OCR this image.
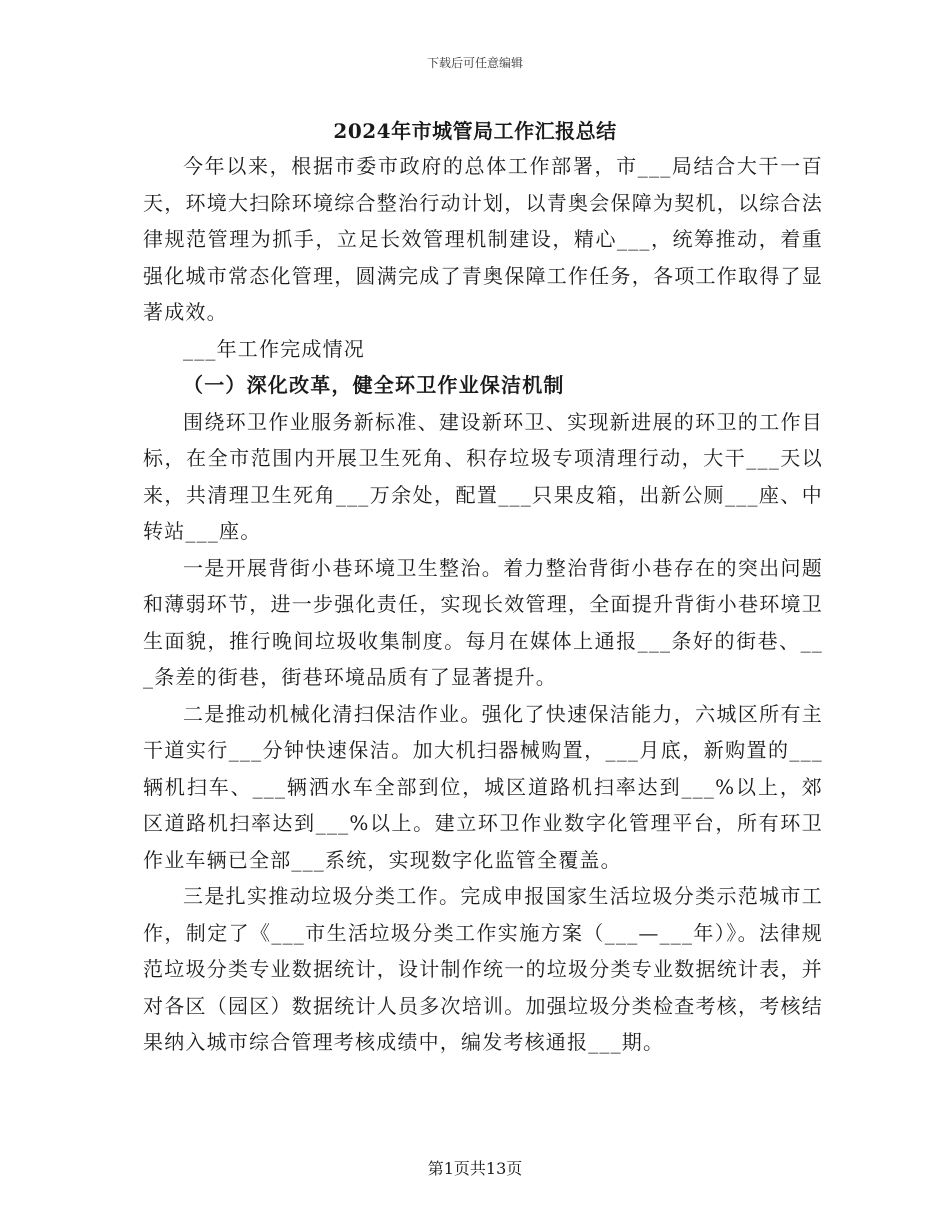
下载后可任意编辑
2024年市城管局工作汇报总结

今年以来，根据市委市政府的总体工作部署，市___局结合大干一百天，环境大扫除环境综合整治行动计划，以青奥会保障为契机，以综合法律规范管理为抓手，立足长效管理机制建设，精心___，统筹推动，着重强化城市常态化管理，圆满完成了青奥保障工作任务，各项工作取得了显著成效。

___年工作完成情况

（一）深化改革，健全环卫作业保洁机制

围绕环卫作业服务新标准、建设新环卫、实现新进展的环卫的工作目标，在全市范围内开展卫生死角、积存垃圾专项清理行动，大干___天以来，共清理卫生死角___万余处，配置___只果皮箱，出新公厕___座、中转站___座。

一是开展背街小巷环境卫生整治。着力整治背街小巷存在的突出问题和薄弱环节，进一步强化责任，实现长效管理，全面提升背街小巷环境卫生面貌，推行晚间垃圾收集制度。每月在媒体上通报___条好的街巷、___条差的街巷，街巷环境品质有了显著提升。

二是推动机械化清扫保洁作业。强化了快速保洁能力，六城区所有主干道实行___分钟快速保洁。加大机扫器械购置，___月底，新购置的___辆机扫车、___辆洒水车全部到位，城区道路机扫率达到___%以上，郊区道路机扫率达到___%以上。建立环卫作业数字化管理平台，所有环卫作业车辆已全部___系统，实现数字化监管全覆盖。

三是扎实推动垃圾分类工作。完成申报国家生活垃圾分类示范城市工作，制定了《___市生活垃圾分类工作实施方案（___—___年）》。法律规范垃圾分类专业数据统计，设计制作统一的垃圾分类专业数据统计表，并对各区（园区）数据统计人员多次培训。加强垃圾分类检查考核，考核结果纳入城市综合管理考核成绩中，编发考核通报___期。

第1页共13页
